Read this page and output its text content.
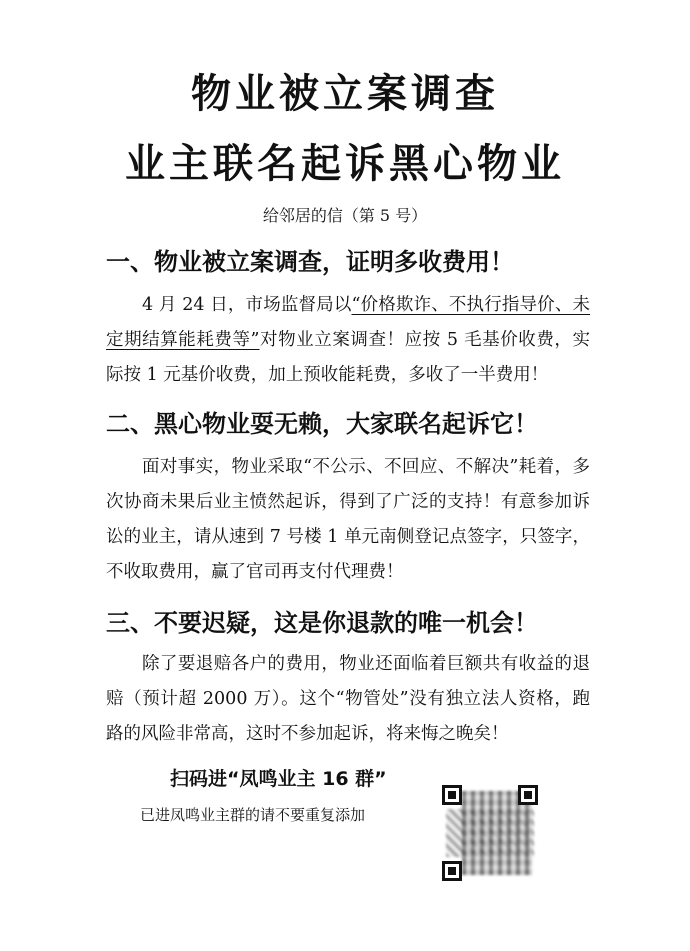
物业被立案调查
业主联名起诉黑心物业
给邻居的信（第 5 号）
一、物业被立案调查，证明多收费用！
4 月 24 日，市场监督局以“价格欺诈、不执行指导价、未定期结算能耗费等”对物业立案调查！应按 5 毛基价收费，实际按 1 元基价收费，加上预收能耗费，多收了一半费用！
二、黑心物业耍无赖，大家联名起诉它！
面对事实，物业采取“不公示、不回应、不解决”耗着，多次协商未果后业主愤然起诉，得到了广泛的支持！有意参加诉讼的业主，请从速到 7 号楼 1 单元南侧登记点签字，只签字，不收取费用，赢了官司再支付代理费！
三、不要迟疑，这是你退款的唯一机会！
除了要退赔各户的费用，物业还面临着巨额共有收益的退赔（预计超 2000 万）。这个“物管处”没有独立法人资格，跑路的风险非常高，这时不参加起诉，将来悔之晚矣！
扫码进“凤鸣业主 16 群”
已进凤鸣业主群的请不要重复添加
